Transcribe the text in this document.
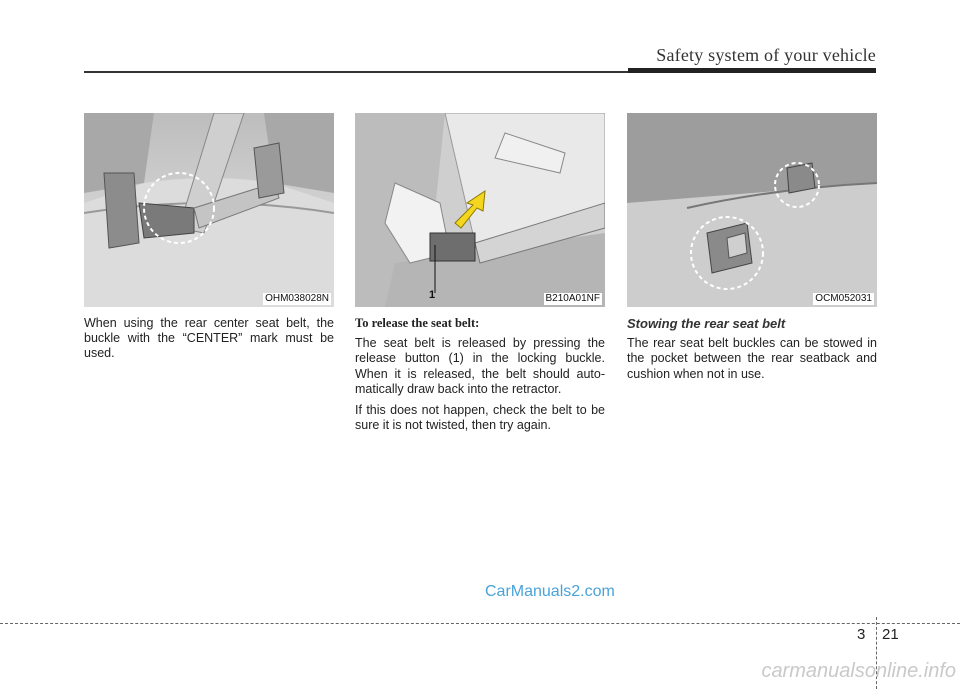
Safety system of your vehicle
OHM038028N	1	B210A01NF	OCM052031

When using the rear center seat belt, the buckle with the “CENTER” mark must be used.

To release the seat belt:

The seat belt is released by pressing the release button (1) in the locking buckle. When it is released, the belt should auto-matically draw back into the retractor.

If this does not happen, check the belt to be sure it is not twisted, then try again.

Stowing the rear seat belt

The rear seat belt buckles can be stowed in the pocket between the rear seatback and cushion when not in use.

CarManuals2.com
3 21
carmanualsonline.info
